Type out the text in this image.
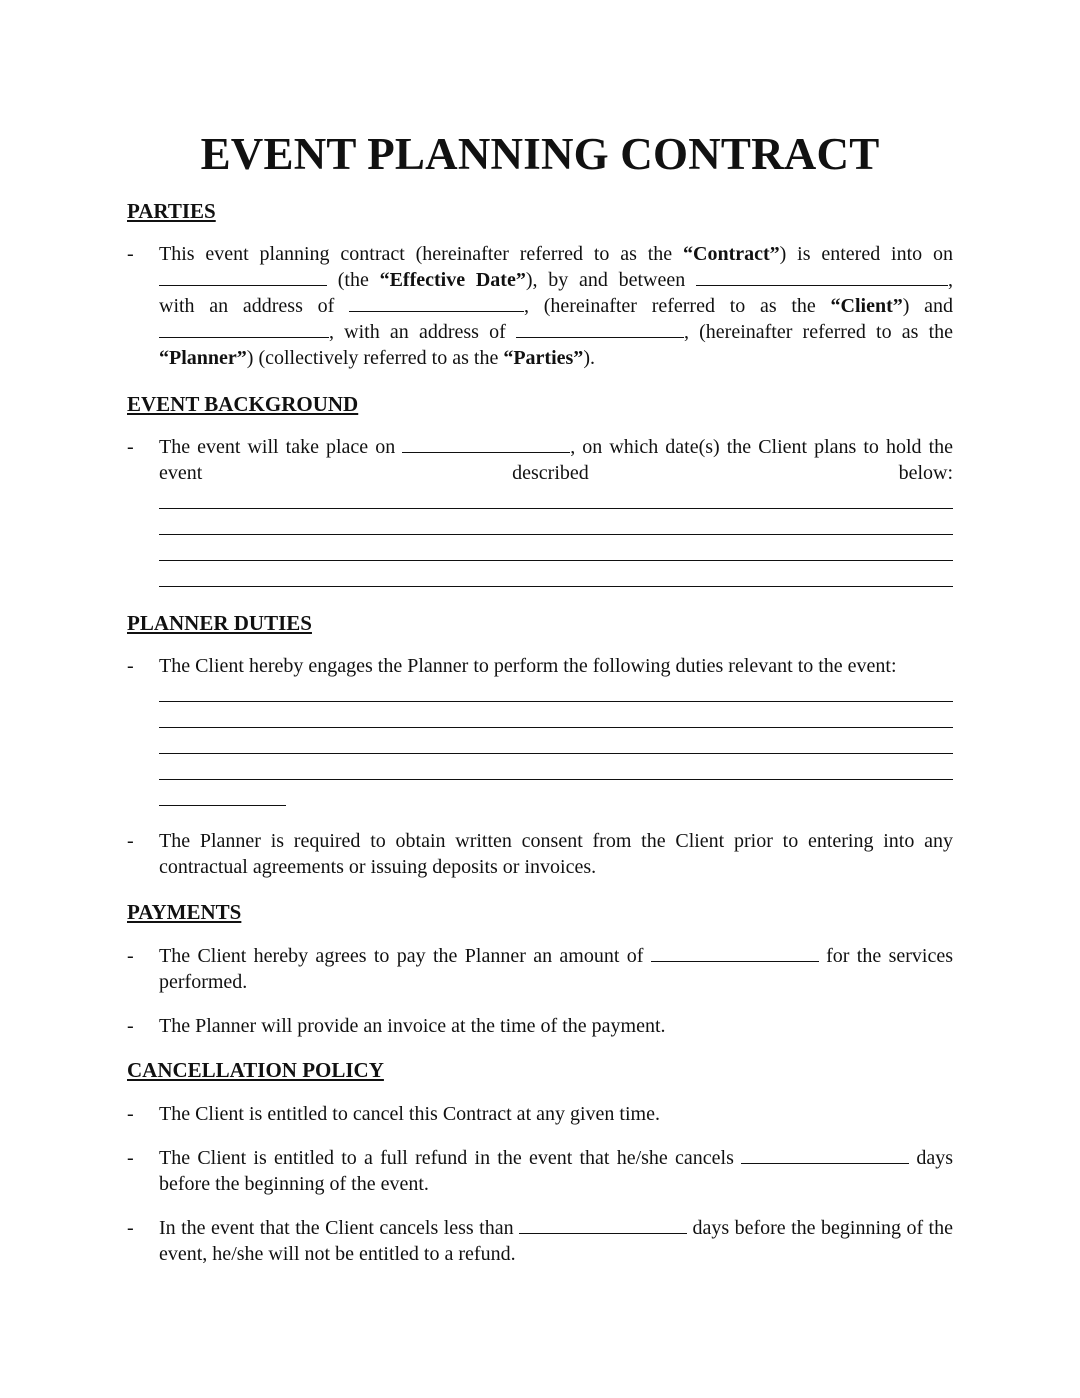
EVENT PLANNING CONTRACT
PARTIES
-	This event planning contract (hereinafter referred to as the “Contract”) is entered into on  (the “Effective Date”), by and between	, with an address of	, (hereinafter referred to as the “Client”) and , with an address of	, (hereinafter referred to as the “Planner”) (collectively referred to as the “Parties”).
EVENT BACKGROUND
-	The event will take place on	, on which date(s) the Client plans to hold the event described below:
PLANNER DUTIES
-	The Client hereby engages the Planner to perform the following duties relevant to the event:
-	The Planner is required to obtain written consent from the Client prior to entering into any contractual agreements or issuing deposits or invoices.
PAYMENTS
-	The Client hereby agrees to pay the Planner an amount of	for the services performed.
-	The Planner will provide an invoice at the time of the payment.
CANCELLATION POLICY
-	The Client is entitled to cancel this Contract at any given time.
-	The Client is entitled to a full refund in the event that he/she cancels	days before the beginning of the event.
-	In the event that the Client cancels less than	days before the beginning of the event, he/she will not be entitled to a refund.
